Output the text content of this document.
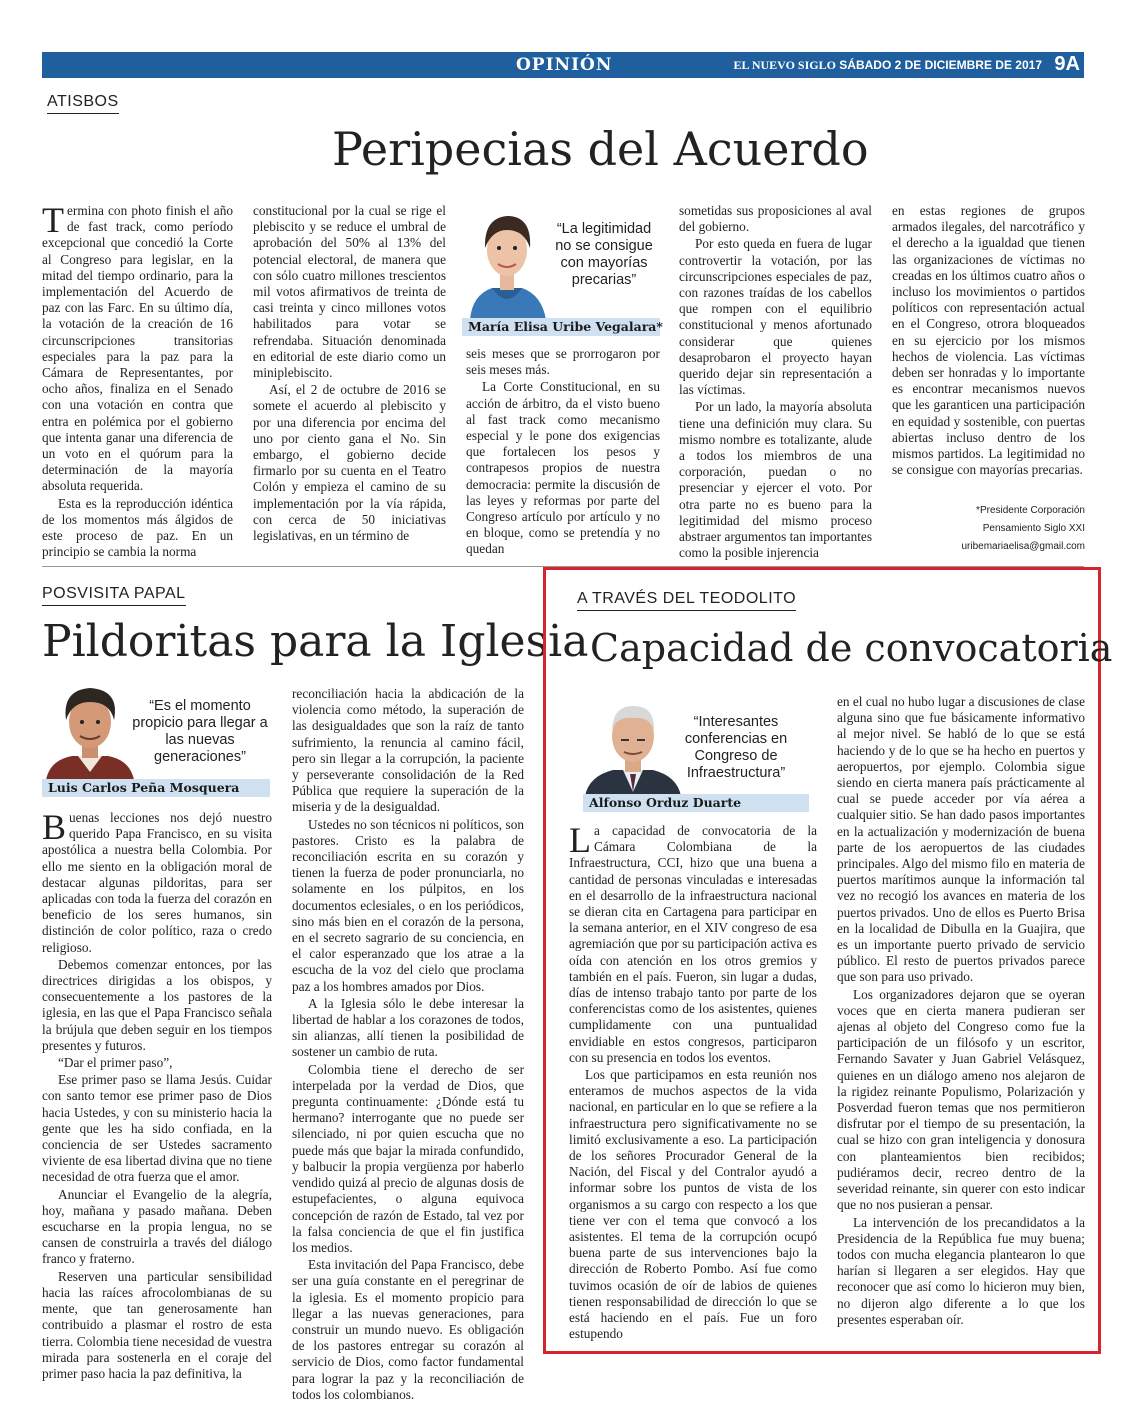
OPINIÓN	EL NUEVO SIGLO SÁBADO 2 DE DICIEMBRE DE 2017 9A
ATISBOS
Peripecias del Acuerdo

Termina con photo finish el año de fast track, como período excepcional que concedió la Corte al Congreso para legislar, en la mitad del tiempo ordinario, para la implementación del Acuerdo de paz con las Farc. En su último día, la votación de la creación de 16 circunscripciones transitorias especiales para la paz para la Cámara de Representantes, por ocho años, finaliza en el Senado con una votación en contra que entra en polémica por el gobierno que intenta ganar una diferencia de un voto en el quórum para la determinación de la mayoría absoluta requerida.

Esta es la reproducción idéntica de los momentos más álgidos de este proceso de paz. En un principio se cambia la norma

constitucional por la cual se rige el plebiscito y se reduce el umbral de aprobación del 50% al 13% del potencial electoral, de manera que con sólo cuatro millones trescientos mil votos afirmativos de treinta de casi treinta y cinco millones votos habilitados para votar se refrendaba. Situación denominada en editorial de este diario como un miniplebiscito.

Así, el 2 de octubre de 2016 se somete el acuerdo al plebiscito y por una diferencia por encima del uno por ciento gana el No. Sin embargo, el gobierno decide firmarlo por su cuenta en el Teatro Colón y empieza el camino de su implementación por la vía rápida, con cerca de 50 iniciativas legislativas, en un término de

“La legitimidad no se consigue con mayorías precarias”
María Elisa Uribe Vegalara*

seis meses que se prorrogaron por seis meses más.

La Corte Constitucional, en su acción de árbitro, da el visto bueno al fast track como mecanismo especial y le pone dos exigencias que fortalecen los pesos y contrapesos propios de nuestra democracia: permite la discusión de las leyes y reformas por parte del Congreso artículo por artículo y no en bloque, como se pretendía y no quedan

sometidas sus proposiciones al aval del gobierno.

Por esto queda en fuera de lugar controvertir la votación, por las circunscripciones especiales de paz, con razones traídas de los cabellos que rompen con el equilibrio constitucional y menos afortunado considerar que quienes desaprobaron el proyecto hayan querido dejar sin representación a las víctimas.

Por un lado, la mayoría absoluta tiene una definición muy clara. Su mismo nombre es totalizante, alude a todos los miembros de una corporación, puedan o no presenciar y ejercer el voto. Por otra parte no es bueno para la legitimidad del mismo proceso abstraer argumentos tan importantes como la posible injerencia

en estas regiones de grupos armados ilegales, del narcotráfico y el derecho a la igualdad que tienen las organizaciones de víctimas no creadas en los últimos cuatro años o incluso los movimientos o partidos políticos con representación actual en el Congreso, otrora bloqueados en su ejercicio por los mismos hechos de violencia. Las víctimas deben ser honradas y lo importante es encontrar mecanismos nuevos que les garanticen una participación en equidad y sostenible, con puertas abiertas incluso dentro de los mismos partidos. La legitimidad no se consigue con mayorías precarias.

*Presidente Corporación
Pensamiento Siglo XXI
uribemariaelisa@gmail.com
POSVISITA PAPAL
Pildoritas para la Iglesia
“Es el momento propicio para llegar a las nuevas generaciones”
Luis Carlos Peña Mosquera

Buenas lecciones nos dejó nuestro querido Papa Francisco, en su visita apostólica a nuestra bella Colombia. Por ello me siento en la obligación moral de destacar algunas pildoritas, para ser aplicadas con toda la fuerza del corazón en beneficio de los seres humanos, sin distinción de color político, raza o credo religioso.

Debemos comenzar entonces, por las directrices dirigidas a los obispos, y consecuentemente a los pastores de la iglesia, en las que el Papa Francisco señala la brújula que deben seguir en los tiempos presentes y futuros.

“Dar el primer paso”,

Ese primer paso se llama Jesús. Cuidar con santo temor ese primer paso de Dios hacia Ustedes, y con su ministerio hacia la gente que les ha sido confiada, en la conciencia de ser Ustedes sacramento viviente de esa libertad divina que no tiene necesidad de otra fuerza que el amor.

Anunciar el Evangelio de la alegría, hoy, mañana y pasado mañana. Deben escucharse en la propia lengua, no se cansen de construirla a través del diálogo franco y fraterno.

Reserven una particular sensibilidad hacia las raíces afrocolombianas de su mente, que tan generosamente han contribuido a plasmar el rostro de esta tierra. Colombia tiene necesidad de vuestra mirada para sostenerla en el coraje del primer paso hacia la paz definitiva, la

reconciliación hacia la abdicación de la violencia como método, la superación de las desigualdades que son la raíz de tanto sufrimiento, la renuncia al camino fácil, pero sin llegar a la corrupción, la paciente y perseverante consolidación de la Red Pública que requiere la superación de la miseria y de la desigualdad.

Ustedes no son técnicos ni políticos, son pastores. Cristo es la palabra de reconciliación escrita en su corazón y tienen la fuerza de poder pronunciarla, no solamente en los púlpitos, en los documentos eclesiales, o en los periódicos, sino más bien en el corazón de la persona, en el secreto sagrario de su conciencia, en el calor esperanzado que los atrae a la escucha de la voz del cielo que proclama paz a los hombres amados por Dios.

A la Iglesia sólo le debe interesar la libertad de hablar a los corazones de todos, sin alianzas, allí tienen la posibilidad de sostener un cambio de ruta.

Colombia tiene el derecho de ser interpelada por la verdad de Dios, que pregunta continuamente: ¿Dónde está tu hermano? interrogante que no puede ser silenciado, ni por quien escucha que no puede más que bajar la mirada confundido, y balbucir la propia vergüenza por haberlo vendido quizá al precio de algunas dosis de estupefacientes, o alguna equivoca concepción de razón de Estado, tal vez por la falsa conciencia de que el fin justifica los medios.

Esta invitación del Papa Francisco, debe ser una guía constante en el peregrinar de la iglesia. Es el momento propicio para llegar a las nuevas generaciones, para construir un mundo nuevo. Es obligación de los pastores entregar su corazón al servicio de Dios, como factor fundamental para lograr la paz y la reconciliación de todos los colombianos.

A TRAVÉS DEL TEODOLITO
Capacidad de convocatoria
“Interesantes conferencias en Congreso de Infraestructura”
Alfonso Orduz Duarte

La capacidad de convocatoria de la Cámara Colombiana de la Infraestructura, CCI, hizo que una buena a cantidad de personas vinculadas e interesadas en el desarrollo de la infraestructura nacional se dieran cita en Cartagena para participar en la semana anterior, en el XIV congreso de esa agremiación que por su participación activa es oída con atención en los otros gremios y también en el país. Fueron, sin lugar a dudas, días de intenso trabajo tanto por parte de los conferencistas como de los asistentes, quienes cumplidamente con una puntualidad envidiable en estos congresos, participaron con su presencia en todos los eventos.

Los que participamos en esta reunión nos enteramos de muchos aspectos de la vida nacional, en particular en lo que se refiere a la infraestructura pero significativamente no se limitó exclusivamente a eso. La participación de los señores Procurador General de la Nación, del Fiscal y del Contralor ayudó a informar sobre los puntos de vista de los organismos a su cargo con respecto a los que tiene ver con el tema que convocó a los asistentes. El tema de la corrupción ocupó buena parte de sus intervenciones bajo la dirección de Roberto Pombo. Así fue como tuvimos ocasión de oír de labios de quienes tienen responsabilidad de dirección lo que se está haciendo en el país. Fue un foro estupendo

en el cual no hubo lugar a discusiones de clase alguna sino que fue básicamente informativo al mejor nivel. Se habló de lo que se está haciendo y de lo que se ha hecho en puertos y aeropuertos, por ejemplo. Colombia sigue siendo en cierta manera país prácticamente al cual se puede acceder por vía aérea a cualquier sitio. Se han dado pasos importantes en la actualización y modernización de buena parte de los aeropuertos de las ciudades principales. Algo del mismo filo en materia de puertos marítimos aunque la información tal vez no recogió los avances en materia de los puertos privados. Uno de ellos es Puerto Brisa en la localidad de Dibulla en la Guajira, que es un importante puerto privado de servicio público. El resto de puertos privados parece que son para uso privado.

Los organizadores dejaron que se oyeran voces que en cierta manera pudieran ser ajenas al objeto del Congreso como fue la participación de un filósofo y un escritor, Fernando Savater y Juan Gabriel Velásquez, quienes en un diálogo ameno nos alejaron de la rigidez reinante Populismo, Polarización y Posverdad fueron temas que nos permitieron disfrutar por el tiempo de su presentación, la cual se hizo con gran inteligencia y donosura con planteamientos bien recibidos; pudiéramos decir, recreo dentro de la severidad reinante, sin querer con esto indicar que no nos pusieran a pensar.

La intervención de los precandidatos a la Presidencia de la República fue muy buena; todos con mucha elegancia plantearon lo que harían si llegaren a ser elegidos. Hay que reconocer que así como lo hicieron muy bien, no dijeron algo diferente a lo que los presentes esperaban oír.
